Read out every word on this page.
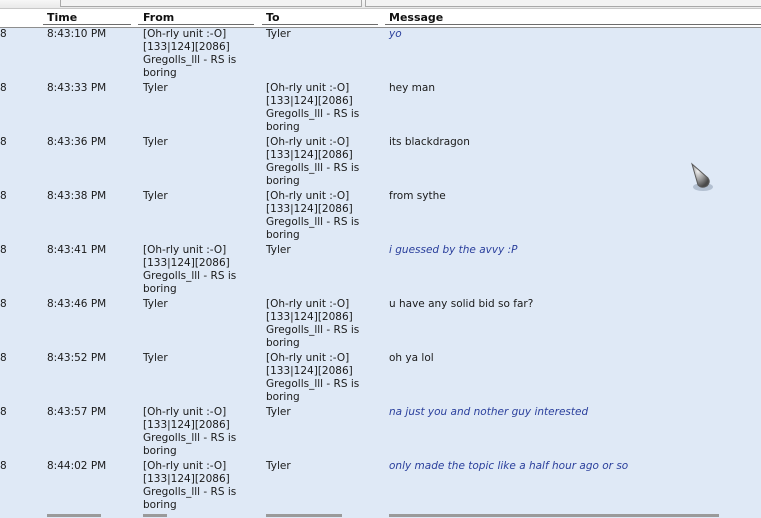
Time	From	To	Message
8	8:43:10 PM	[Oh-rly unit :-O]
[133|124][2086]
Gregolls_lll - RS is
boring
Tyler	yo
8	8:43:33 PM	Tyler	[Oh-rly unit :-O]
[133|124][2086]
Gregolls_lll - RS is
boring
hey man
8	8:43:36 PM	Tyler	[Oh-rly unit :-O]
[133|124][2086]
Gregolls_lll - RS is
boring
its blackdragon
8	8:43:38 PM	Tyler	[Oh-rly unit :-O]
[133|124][2086]
Gregolls_lll - RS is
boring
from sythe
8	8:43:41 PM	[Oh-rly unit :-O]
[133|124][2086]
Gregolls_lll - RS is
boring
Tyler	i guessed by the avvy :P
8	8:43:46 PM	Tyler	[Oh-rly unit :-O]
[133|124][2086]
Gregolls_lll - RS is
boring
u have any solid bid so far?
8	8:43:52 PM	Tyler	[Oh-rly unit :-O]
[133|124][2086]
Gregolls_lll - RS is
boring
oh ya lol
8	8:43:57 PM	[Oh-rly unit :-O]
[133|124][2086]
Gregolls_lll - RS is
boring
Tyler	na just you and nother guy interested
8	8:44:02 PM	[Oh-rly unit :-O]
[133|124][2086]
Gregolls_lll - RS is
boring
Tyler	only made the topic like a half hour ago or so
